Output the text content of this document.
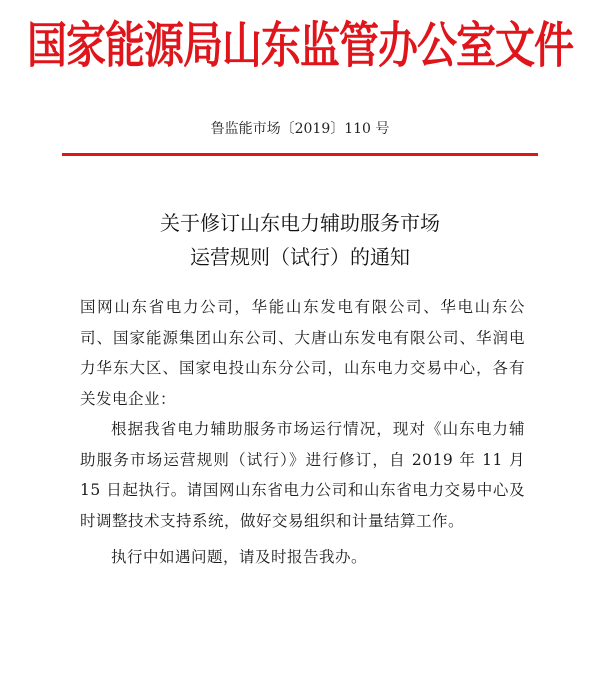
国家能源局山东监管办公室文件
鲁监能市场〔2019〕110 号
关于修订山东电力辅助服务市场
运营规则（试行）的通知

国网山东省电力公司，华能山东发电有限公司、华电山东公司、国家能源集团山东公司、大唐山东发电有限公司、华润电力华东大区、国家电投山东分公司，山东电力交易中心，各有关发电企业：

根据我省电力辅助服务市场运行情况，现对《山东电力辅助服务市场运营规则（试行）》进行修订，自 2019 年 11 月 15 日起执行。请国网山东省电力公司和山东省电力交易中心及时调整技术支持系统，做好交易组织和计量结算工作。

执行中如遇问题，请及时报告我办。
